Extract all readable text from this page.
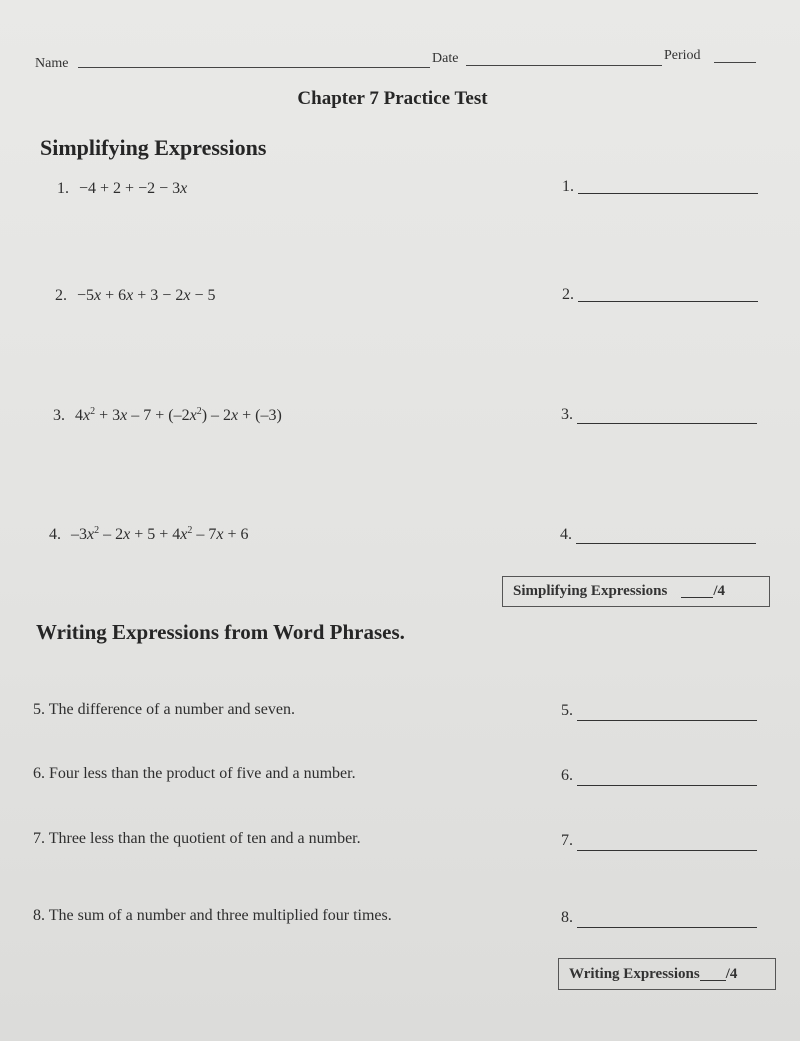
Name	Date	Period
Chapter 7 Practice Test
Simplifying Expressions
1. −4 + 2 + −2 − 3x	1.
2. −5x + 6x + 3 − 2x − 5	2.
3. $4x^2 + 3x - 7 + (-2x^2) - 2x + (-3)$	3.
4. $-3x^2 - 2x + 5 + 4x^2 - 7x + 6$	4.
Simplifying Expressions	/4
Writing Expressions from Word Phrases.
5. The difference of a number and seven.	5.
6. Four less than the product of five and a number.	6.
7. Three less than the quotient of ten and a number.	7.
8. The sum of a number and three multiplied four times.	8.
Writing Expressions /4
